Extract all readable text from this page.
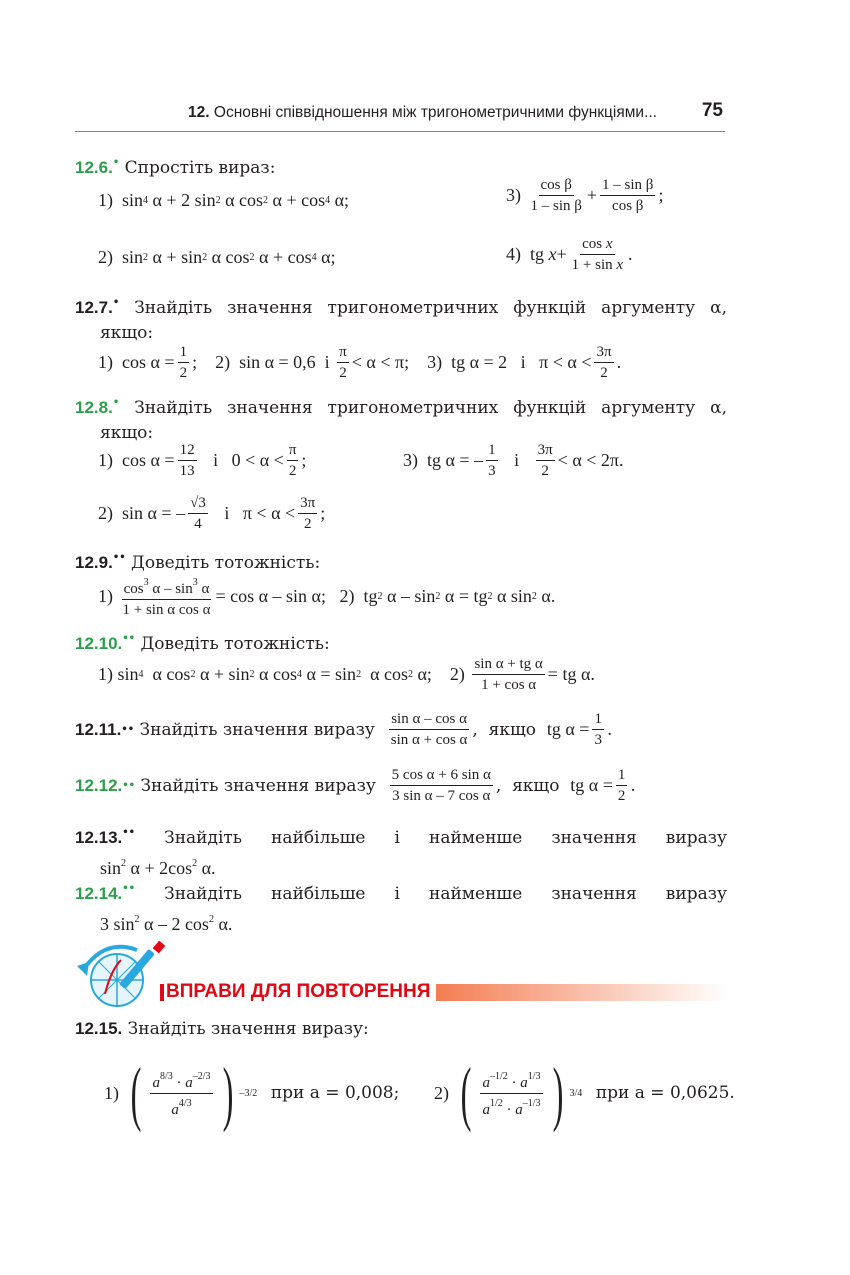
12. Основні співвідношення між тригонометричними функціями... 75
12.6.• Спростіть вираз:
1)  sin 4 α + 2 sin 2 α cos 2 α + cos 4 α;	3) cos β
1 – sin β
+ 1 – sin β
cos β
;
2)  sin 2 α + sin 2 α cos 2 α + cos 4 α;	4)  tg x + cos x
1 + sin x
.
12.7.• Знайдіть значення тригонометричних функцій аргументу α,
якщо:
1)  cos α = 1
2
;    2)  sin α = 0,6  і π
2
< α < π;    3)  tg α = 2   і   π < α < 3π
2
.
12.8.• Знайдіть значення тригонометричних функцій аргументу α,
якщо:
1)  cos α = 12
13
і   0 < α < π
2
;	3)  tg α = – 1
3
і 3π
2
< α < 2π.
2)  sin α = – √3
4
і   π < α < 3π
2
;
12.9.•• Доведіть тотожність:
1) $\cos^3 \alpha - \sin^3 \alpha$
1 + sin α cos α
= cos α – sin α;   2)  tg 2 α – sin 2 α = tg 2 α sin 2 α.
12.10.•• Доведіть тотожність:
1) sin 4 α cos 2 α + sin 2 α cos 4 α = sin 2 α cos 2 α;    2) sin α + tg α
1 + cos α
= tg α.
12.11. ••
Знайдіть значення виразу

sin α – cos α
sin α + cos α
, якщо
tg $\alpha = \frac{1}{3}$ .
12.12. ••
Знайдіть значення виразу

5 cos α + 6 sin α
3 sin α – 7 cos α
, якщо
tg $\alpha = \frac{1}{2}$ .
12.13.•• Знайдіть найбільше і найменше значення виразу
$\sin^2 \alpha + 2\cos^2$ α.
12.14.•• Знайдіть найбільше і найменше значення виразу
3 $\sin^2 \alpha - 2$ $\cos^2 \alpha$.
ВПРАВИ ДЛЯ ПОВТОРЕННЯ
12.15. Знайдіть значення виразу:
1) ( $a^{8/3} \cdot a^{-2/3}$
$a^{4/3}$ ) –3/2
при a = 0,008; 2) ( $a^{-1/2} \cdot a^{1/3}$
$a^{1/2} \cdot a^{-1/3}$ ) 3/4
при a = 0,0625.
